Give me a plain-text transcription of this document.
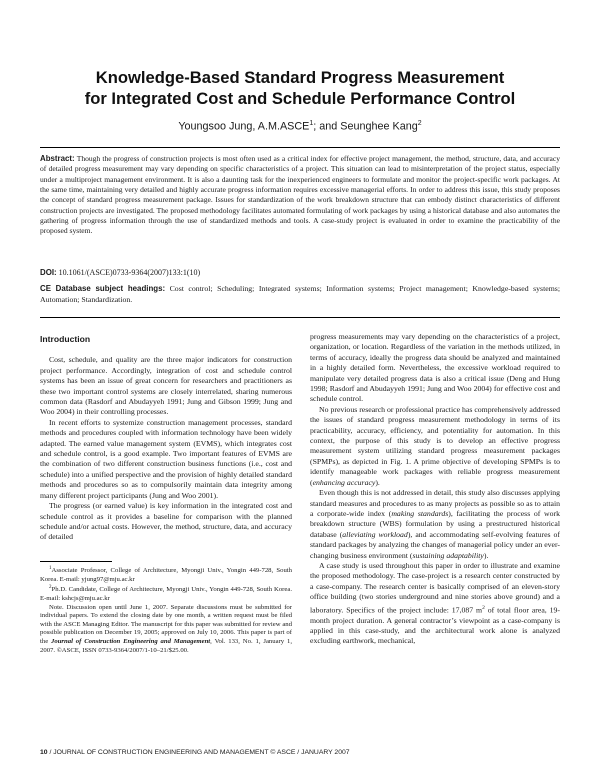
Knowledge-Based Standard Progress Measurement
for Integrated Cost and Schedule Performance Control
Youngsoo Jung, A.M.ASCE$^1$; and Seunghee Kang$^2$
Abstract: Though the progress of construction projects is most often used as a critical index for effective project management, the method, structure, data, and accuracy of detailed progress measurement may vary depending on specific characteristics of a project. This situation can lead to misinterpretation of the project status, especially under a multiproject management environment. It is also a daunting task for the inexperienced engineers to formulate and monitor the project-specific work packages. At the same time, maintaining very detailed and highly accurate progress information requires excessive managerial efforts. In order to address this issue, this study proposes the concept of standard progress measurement package. Issues for standardization of the work breakdown structure that can embody distinct characteristics of different construction projects are investigated. The proposed methodology facilitates automated formulating of work packages by using a historical database and also automates the gathering of progress information through the use of standardized methods and tools. A case-study project is evaluated in order to examine the practicability of the proposed system.
DOI: 10.1061/(ASCE)0733-9364(2007)133:1(10)
CE Database subject headings: Cost control; Scheduling; Integrated systems; Information systems; Project management; Knowledge-based systems; Automation; Standardization.
Introduction

Cost, schedule, and quality are the three major indicators for construction project performance. Accordingly, integration of cost and schedule control systems has been an issue of great concern for researchers and practitioners as these two important control systems are closely interrelated, sharing numerous common data (Rasdorf and Abudayyeh 1991; Jung and Gibson 1999; Jung and Woo 2004) in their controlling processes.

In recent efforts to systemize construction management processes, standard methods and procedures coupled with information technology have been widely adapted. The earned value management system (EVMS), which integrates cost and schedule control, is a good example. Two important features of EVMS are the combination of two different construction business functions (i.e., cost and schedule) into a unified perspective and the provision of highly detailed standard methods and procedures so as to compulsorily maintain data integrity among many different project participants (Jung and Woo 2001).

The progress (or earned value) is key information in the integrated cost and schedule control as it provides a baseline for comparison with the planned schedule and/or actual costs. However, the method, structure, data, and accuracy of detailed

$^1$Associate Professor, College of Architecture, Myongji Univ., Yongin 449-728, South Korea. E-mail: yjung97@mju.ac.kr

$^2$Ph.D. Candidate, College of Architecture, Myongji Univ., Yongin 449-728, South Korea. E-mail: kshcjs@mju.ac.kr

Note. Discussion open until June 1, 2007. Separate discussions must be submitted for individual papers. To extend the closing date by one month, a written request must be filed with the ASCE Managing Editor. The manuscript for this paper was submitted for review and possible publication on December 19, 2005; approved on July 10, 2006. This paper is part of the Journal of Construction Engineering and Management, Vol. 133, No. 1, January 1, 2007. ©ASCE, ISSN 0733-9364/2007/1-10–21/$25.00.

progress measurements may vary depending on the characteristics of a project, organization, or location. Regardless of the variation in the methods utilized, in terms of accuracy, ideally the progress data should be analyzed and maintained in a highly detailed form. Nevertheless, the excessive workload required to manipulate very detailed progress data is also a critical issue (Deng and Hung 1998; Rasdorf and Abudayyeh 1991; Jung and Woo 2004) for effective cost and schedule control.

No previous research or professional practice has comprehensively addressed the issues of standard progress measurement methodology in terms of its practicability, accuracy, efficiency, and potentiality for automation. In this context, the purpose of this study is to develop an effective progress measurement system utilizing standard progress measurement packages (SPMPs), as depicted in Fig. 1. A prime objective of developing SPMPs is to identify manageable work packages with reliable progress measurement (enhancing accuracy).

Even though this is not addressed in detail, this study also discusses applying standard measures and procedures to as many projects as possible so as to attain a corporate-wide index (making standards), facilitating the process of work breakdown structure (WBS) formulation by using a prestructured historical database (alleviating workload), and accommodating self-evolving features of standard packages by analyzing the changes of managerial policy under an ever-changing business environment (sustaining adaptability).

A case study is used throughout this paper in order to illustrate and examine the proposed methodology. The case-project is a research center constructed by a case-company. The research center is basically comprised of an eleven-story office building (two stories underground and nine stories above ground) and a laboratory. Specifics of the project include: 17,087 $m^2$ of total floor area, 19-month project duration. A general contractor’s viewpoint as a case-company is applied in this case-study, and the architectural work alone is analyzed excluding earthwork, mechanical,

10 / JOURNAL OF CONSTRUCTION ENGINEERING AND MANAGEMENT © ASCE / JANUARY 2007
